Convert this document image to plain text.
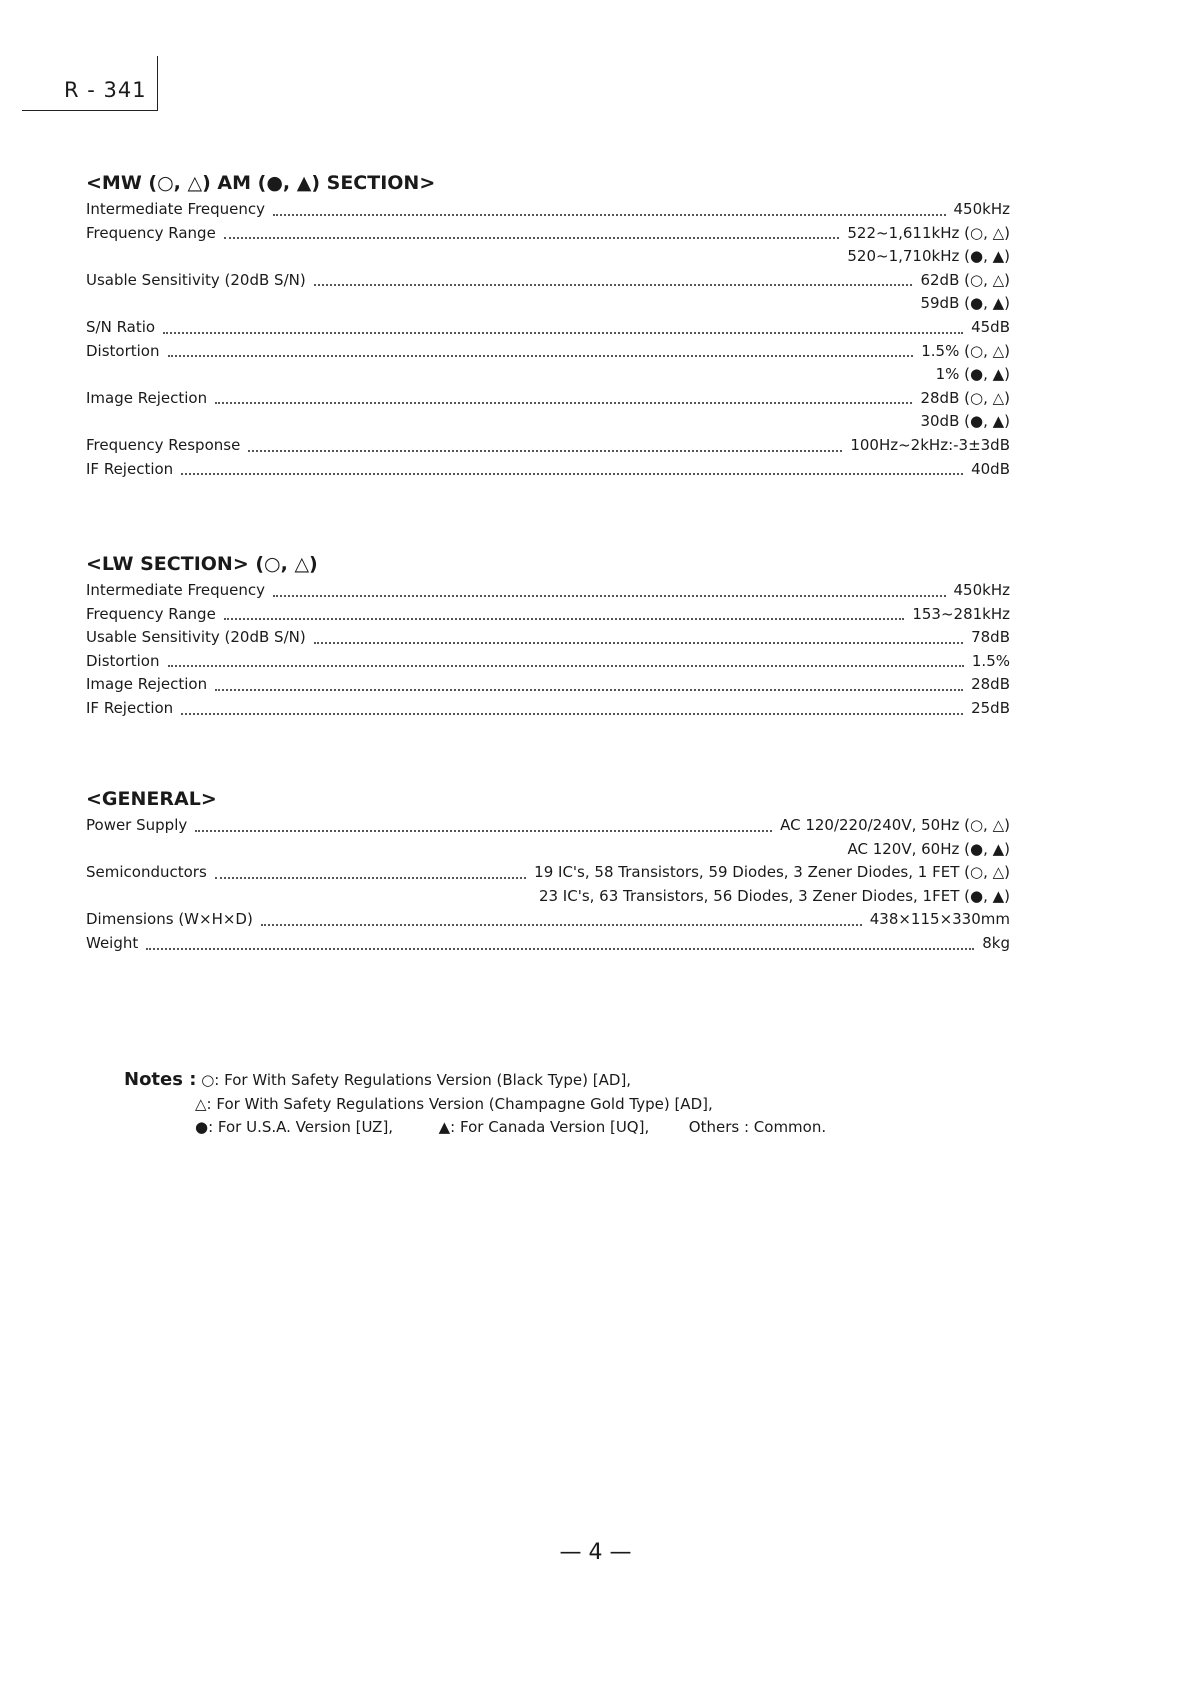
R - 341
<MW (○, △) AM (●, ▲) SECTION>
Intermediate Frequency	450kHz
Frequency Range	522~1,611kHz (○, △)
520~1,710kHz (●, ▲)
Usable Sensitivity (20dB S/N)	62dB (○, △)
59dB (●, ▲)
S/N Ratio	45dB
Distortion	1.5% (○, △)
1% (●, ▲)
Image Rejection	28dB (○, △)
30dB (●, ▲)
Frequency Response	100Hz~2kHz:-3±3dB
IF Rejection	40dB
<LW SECTION> (○, △)
Intermediate Frequency	450kHz
Frequency Range	153~281kHz
Usable Sensitivity (20dB S/N)	78dB
Distortion	1.5%
Image Rejection	28dB
IF Rejection	25dB
<GENERAL>
Power Supply	AC 120/220/240V, 50Hz (○, △)
AC 120V, 60Hz (●, ▲)
Semiconductors	19 IC's, 58 Transistors, 59 Diodes, 3 Zener Diodes, 1 FET (○, △)
23 IC's, 63 Transistors, 56 Diodes, 3 Zener Diodes, 1FET (●, ▲)
Dimensions (W×H×D)	438×115×330mm
Weight	8kg
Notes : ○: For With Safety Regulations Version (Black Type) [AD],
△: For With Safety Regulations Version (Champagne Gold Type) [AD],
●: For U.S.A. Version [UZ],	▲: For Canada Version [UQ],	Others : Common.
— 4 —
